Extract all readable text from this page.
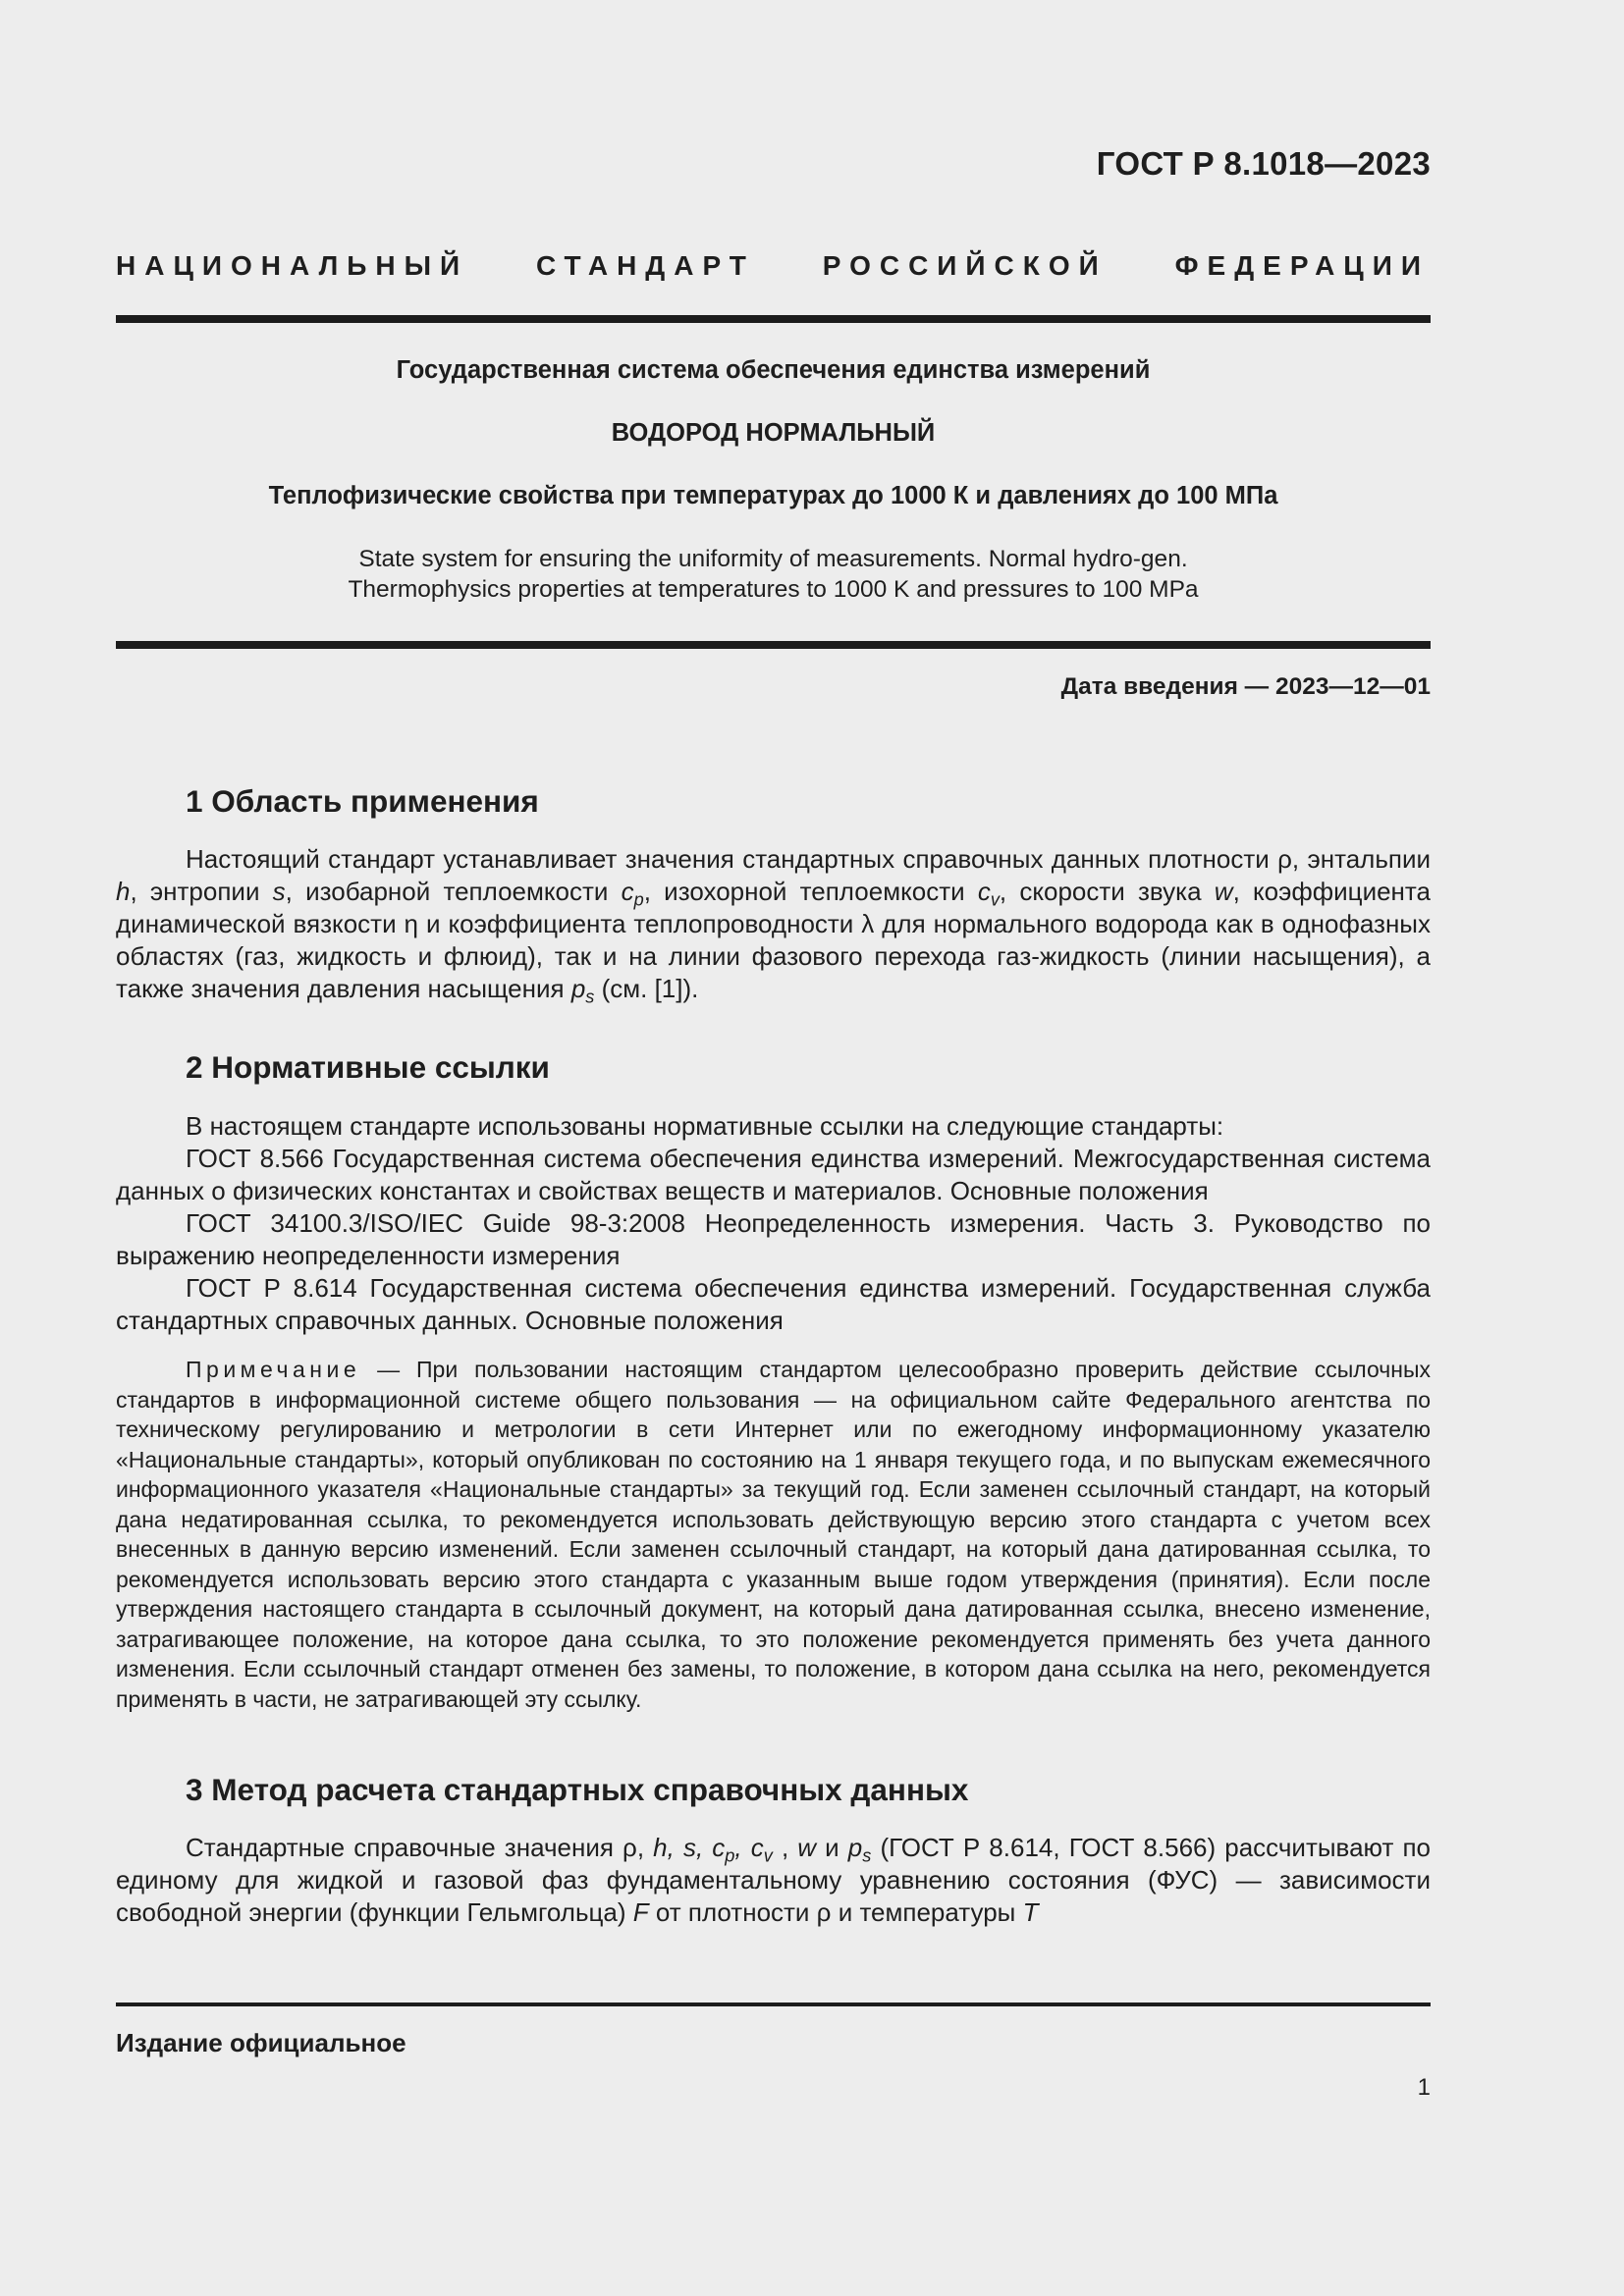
ГОСТ Р 8.1018—2023
НАЦИОНАЛЬНЫЙ СТАНДАРТ РОССИЙСКОЙ ФЕДЕРАЦИИ
Государственная система обеспечения единства измерений
ВОДОРОД НОРМАЛЬНЫЙ
Теплофизические свойства при температурах до 1000 К и давлениях до 100 МПа
State system for ensuring the uniformity of measurements. Normal hydro-gen.
Thermophysics properties at temperatures to 1000 K and pressures to 100 MPa
Дата введения — 2023—12—01
1 Область применения

Настоящий стандарт устанавливает значения стандартных справочных данных плотности ρ, энтальпии h, энтропии s, изобарной теплоемкости $c_p$, изохорной теплоемкости $c_v$, скорости звука w, коэффициента динамической вязкости η и коэффициента теплопроводности λ для нормального водорода как в однофазных областях (газ, жидкость и флюид), так и на линии фазового перехода газ-жидкость (линии насыщения), а также значения давления насыщения $p_s$ (см. [1]).

2 Нормативные ссылки

В настоящем стандарте использованы нормативные ссылки на следующие стандарты:

ГОСТ 8.566 Государственная система обеспечения единства измерений. Межгосударственная система данных о физических константах и свойствах веществ и материалов. Основные положения

ГОСТ 34100.3/ISO/IEC Guide 98-3:2008 Неопределенность измерения. Часть 3. Руководство по выражению неопределенности измерения

ГОСТ Р 8.614 Государственная система обеспечения единства измерений. Государственная служба стандартных справочных данных. Основные положения

Примечание — При пользовании настоящим стандартом целесообразно проверить действие ссылочных стандартов в информационной системе общего пользования — на официальном сайте Федерального агентства по техническому регулированию и метрологии в сети Интернет или по ежегодному информационному указателю «Национальные стандарты», который опубликован по состоянию на 1 января текущего года, и по выпускам ежемесячного информационного указателя «Национальные стандарты» за текущий год. Если заменен ссылочный стандарт, на который дана недатированная ссылка, то рекомендуется использовать действующую версию этого стандарта с учетом всех внесенных в данную версию изменений. Если заменен ссылочный стандарт, на который дана датированная ссылка, то рекомендуется использовать версию этого стандарта с указанным выше годом утверждения (принятия). Если после утверждения настоящего стандарта в ссылочный документ, на который дана датированная ссылка, внесено изменение, затрагивающее положение, на которое дана ссылка, то это положение рекомендуется применять без учета данного изменения. Если ссылочный стандарт отменен без замены, то положение, в котором дана ссылка на него, рекомендуется применять в части, не затрагивающей эту ссылку.

3 Метод расчета стандартных справочных данных

Стандартные справочные значения ρ, h, s, $c_p$, $c_v$ , w и $p_s$ (ГОСТ Р 8.614, ГОСТ 8.566) рассчитывают по единому для жидкой и газовой фаз фундаментальному уравнению состояния (ФУС) — зависимости свободной энергии (функции Гельмгольца) F от плотности ρ и температуры T

Издание официальное
1
